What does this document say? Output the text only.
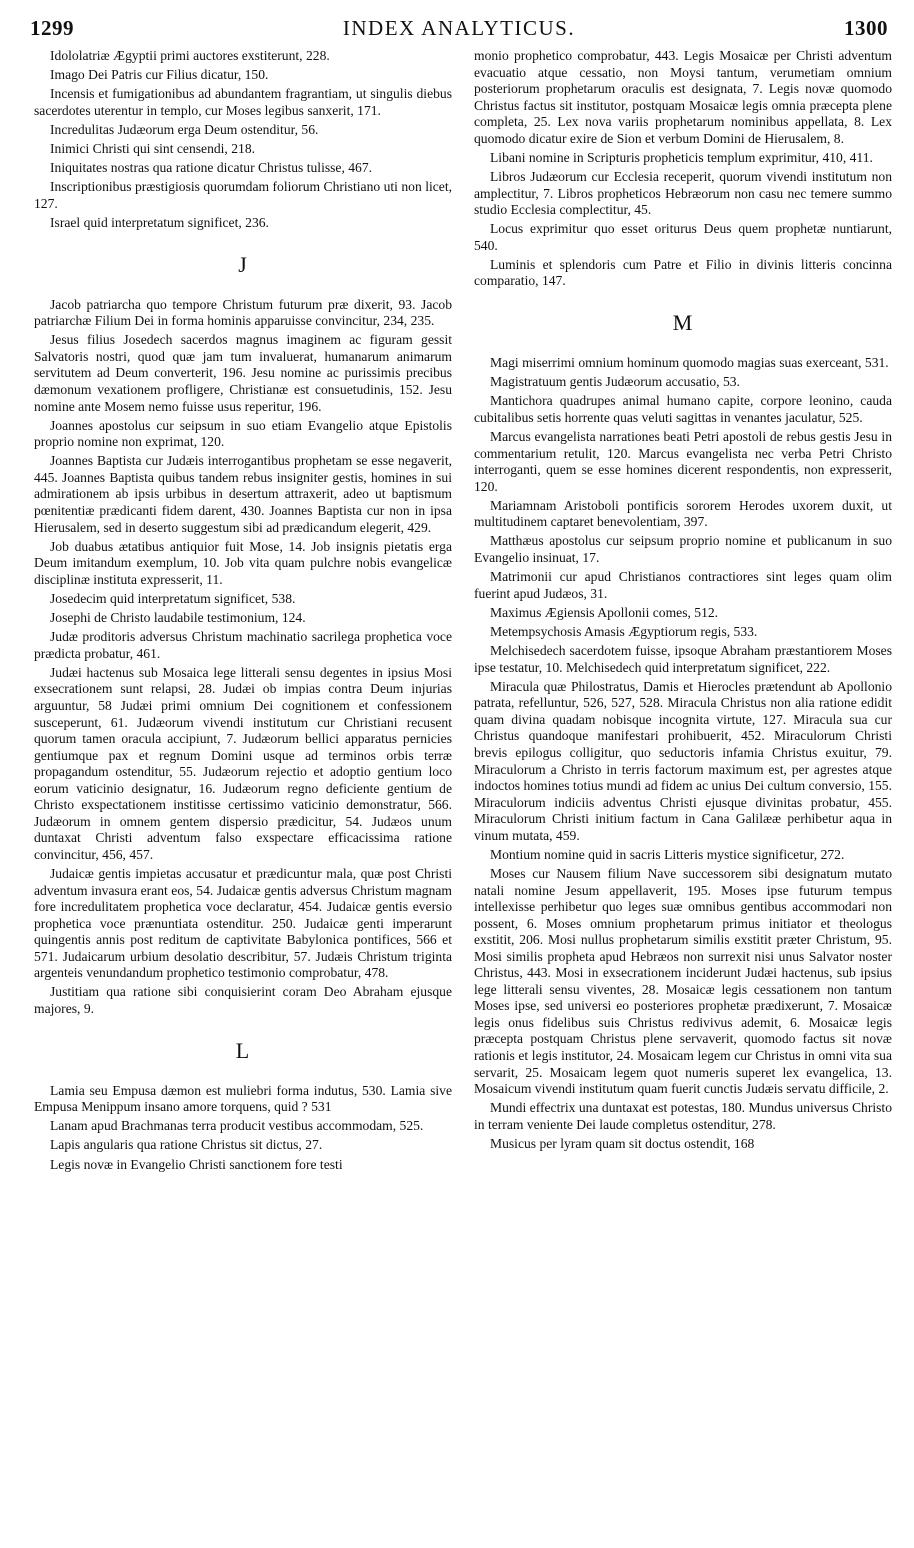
1299	INDEX ANALYTICUS.	1300

Idololatriæ Ægyptii primi auctores exstiterunt, 228.

Imago Dei Patris cur Filius dicatur, 150.

Incensis et fumigationibus ad abundantem fragrantiam, ut singulis diebus sacerdotes uterentur in templo, cur Moses legibus sanxerit, 171.

Incredulitas Judæorum erga Deum ostenditur, 56.

Inimici Christi qui sint censendi, 218.

Iniquitates nostras qua ratione dicatur Christus tulisse, 467.

Inscriptionibus præstigiosis quorumdam foliorum Christiano uti non licet, 127.

Israel quid interpretatum significet, 236.

J

Jacob patriarcha quo tempore Christum futurum præ dixerit, 93. Jacob patriarchæ Filium Dei in forma hominis apparuisse convincitur, 234, 235.

Jesus filius Josedech sacerdos magnus imaginem ac figuram gessit Salvatoris nostri, quod quæ jam tum invaluerat, humanarum animarum servitutem ad Deum converterit, 196. Jesu nomine ac purissimis precibus dæmonum vexationem profligere, Christianæ est consuetudinis, 152. Jesu nomine ante Mosem nemo fuisse usus reperitur, 196.

Joannes apostolus cur seipsum in suo etiam Evangelio atque Epistolis proprio nomine non exprimat, 120.

Joannes Baptista cur Judæis interrogantibus prophetam se esse negaverit, 445. Joannes Baptista quibus tandem rebus insigniter gestis, homines in sui admirationem ab ipsis urbibus in desertum attraxerit, adeo ut baptismum pœnitentiæ prædicanti fidem darent, 430. Joannes Baptista cur non in ipsa Hierusalem, sed in deserto suggestum sibi ad prædicandum elegerit, 429.

Job duabus ætatibus antiquior fuit Mose, 14. Job insignis pietatis erga Deum imitandum exemplum, 10. Job vita quam pulchre nobis evangelicæ disciplinæ instituta expresserit, 11.

Josedecim quid interpretatum significet, 538.

Josephi de Christo laudabile testimonium, 124.

Judæ proditoris adversus Christum machinatio sacrilega prophetica voce prædicta probatur, 461.

Judæi hactenus sub Mosaica lege litterali sensu degentes in ipsius Mosi exsecrationem sunt relapsi, 28. Judæi ob impias contra Deum injurias arguuntur, 58 Judæi primi omnium Dei cognitionem et confessionem susceperunt, 61. Judæorum vivendi institutum cur Christiani recusent quorum tamen oracula accipiunt, 7. Judæorum bellici apparatus pernicies gentiumque pax et regnum Domini usque ad terminos orbis terræ propagandum ostenditur, 55. Judæorum rejectio et adoptio gentium loco eorum vaticinio designatur, 16. Judæorum regno deficiente gentium de Christo exspectationem institisse certissimo vaticinio demonstratur, 566. Judæorum in omnem gentem dispersio prædicitur, 54. Judæos unum duntaxat Christi adventum falso exspectare efficacissima ratione convincitur, 456, 457.

Judaicæ gentis impietas accusatur et prædicuntur mala, quæ post Christi adventum invasura erant eos, 54. Judaicæ gentis adversus Christum magnam fore incredulitatem prophetica voce declaratur, 454. Judaicæ gentis eversio prophetica voce prænuntiata ostenditur. 250. Judaicæ genti imperarunt quingentis annis post reditum de captivitate Babylonica pontifices, 566 et 571. Judaicarum urbium desolatio describitur, 57. Judæis Christum triginta argenteis venundandum prophetico testimonio comprobatur, 478.

Justitiam qua ratione sibi conquisierint coram Deo Abraham ejusque majores, 9.

L

Lamia seu Empusa dæmon est muliebri forma indutus, 530. Lamia sive Empusa Menippum insano amore torquens, quid ? 531

Lanam apud Brachmanas terra producit vestibus accommodam, 525.

Lapis angularis qua ratione Christus sit dictus, 27.

Legis novæ in Evangelio Christi sanctionem fore testi

monio prophetico comprobatur, 443. Legis Mosaicæ per Christi adventum evacuatio atque cessatio, non Moysi tantum, verumetiam omnium posteriorum prophetarum oraculis est designata, 7. Legis novæ quomodo Christus factus sit institutor, postquam Mosaicæ legis omnia præcepta plene completa, 25. Lex nova variis prophetarum nominibus appellata, 8. Lex quomodo dicatur exire de Sion et verbum Domini de Hierusalem, 8.

Libani nomine in Scripturis propheticis templum exprimitur, 410, 411.

Libros Judæorum cur Ecclesia receperit, quorum vivendi institutum non amplectitur, 7. Libros propheticos Hebræorum non casu nec temere summo studio Ecclesia complectitur, 45.

Locus exprimitur quo esset oriturus Deus quem prophetæ nuntiarunt, 540.

Luminis et splendoris cum Patre et Filio in divinis litteris concinna comparatio, 147.

M

Magi miserrimi omnium hominum quomodo magias suas exerceant, 531.

Magistratuum gentis Judæorum accusatio, 53.

Mantichora quadrupes animal humano capite, corpore leonino, cauda cubitalibus setis horrente quas veluti sagittas in venantes jaculatur, 525.

Marcus evangelista narrationes beati Petri apostoli de rebus gestis Jesu in commentarium retulit, 120. Marcus evangelista nec verba Petri Christo interroganti, quem se esse homines dicerent respondentis, non expresserit, 120.

Mariamnam Aristoboli pontificis sororem Herodes uxorem duxit, ut multitudinem captaret benevolentiam, 397.

Matthæus apostolus cur seipsum proprio nomine et publicanum in suo Evangelio insinuat, 17.

Matrimonii cur apud Christianos contractiores sint leges quam olim fuerint apud Judæos, 31.

Maximus Ægiensis Apollonii comes, 512.

Metempsychosis Amasis Ægyptiorum regis, 533.

Melchisedech sacerdotem fuisse, ipsoque Abraham præstantiorem Moses ipse testatur, 10. Melchisedech quid interpretatum significet, 222.

Miracula quæ Philostratus, Damis et Hierocles prætendunt ab Apollonio patrata, refelluntur, 526, 527, 528. Miracula Christus non alia ratione edidit quam divina quadam nobisque incognita virtute, 127. Miracula sua cur Christus quandoque manifestari prohibuerit, 452. Miraculorum Christi brevis epilogus colligitur, quo seductoris infamia Christus exuitur, 79. Miraculorum a Christo in terris factorum maximum est, per agrestes atque indoctos homines totius mundi ad fidem ac unius Dei cultum conversio, 155. Miraculorum indiciis adventus Christi ejusque divinitas probatur, 455. Miraculorum Christi initium factum in Cana Galilææ perhibetur aqua in vinum mutata, 459.

Montium nomine quid in sacris Litteris mystice significetur, 272.

Moses cur Nausem filium Nave successorem sibi designatum mutato natali nomine Jesum appellaverit, 195. Moses ipse futurum tempus intellexisse perhibetur quo leges suæ omnibus gentibus accommodari non possent, 6. Moses omnium prophetarum primus initiator et theologus exstitit, 206. Mosi nullus prophetarum similis exstitit præter Christum, 95. Mosi similis propheta apud Hebræos non surrexit nisi unus Salvator noster Christus, 443. Mosi in exsecrationem inciderunt Judæi hactenus, sub ipsius lege litterali sensu viventes, 28. Mosaicæ legis cessationem non tantum Moses ipse, sed universi eo posteriores prophetæ prædixerunt, 7. Mosaicæ legis onus fidelibus suis Christus redivivus ademit, 6. Mosaicæ legis præcepta postquam Christus plene servaverit, quomodo factus sit novæ rationis et legis institutor, 24. Mosaicam legem cur Christus in omni vita sua servarit, 25. Mosaicam legem quot numeris superet lex evangelica, 13. Mosaicum vivendi institutum quam fuerit cunctis Judæis servatu difficile, 2.

Mundi effectrix una duntaxat est potestas, 180. Mundus universus Christo in terram veniente Dei laude completus ostenditur, 278.

Musicus per lyram quam sit doctus ostendit, 168
